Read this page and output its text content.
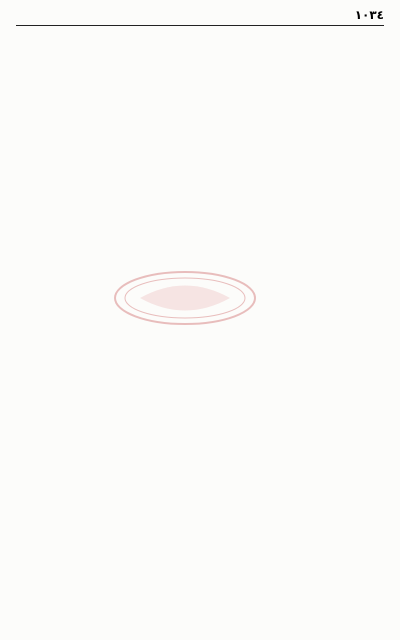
١٠٣٤
